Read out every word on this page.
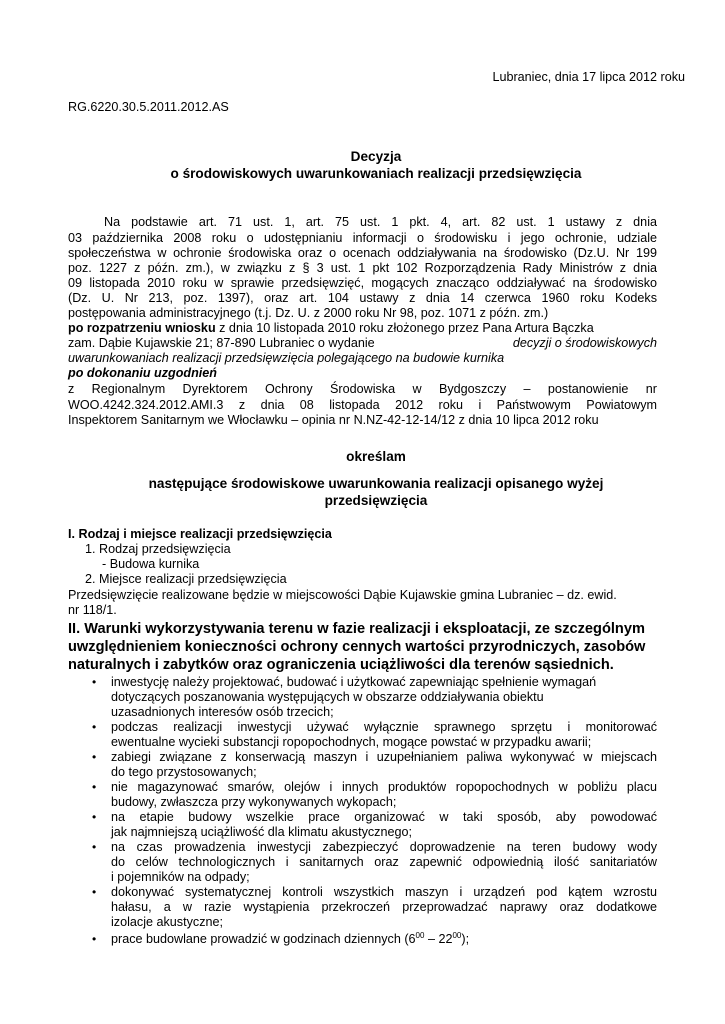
Lubraniec, dnia 17 lipca 2012 roku
RG.6220.30.5.2011.2012.AS
Decyzja
o środowiskowych uwarunkowaniach realizacji przedsięwzięcia
Na podstawie art. 71 ust. 1, art. 75 ust. 1 pkt. 4, art. 82 ust. 1 ustawy z dnia
03 października 2008 roku o udostępnianiu informacji o środowisku i jego ochronie, udziale
społeczeństwa w ochronie środowiska oraz o ocenach oddziaływania na środowisko (Dz.U. Nr 199
poz. 1227 z późn. zm.), w związku z § 3 ust. 1 pkt 102 Rozporządzenia Rady Ministrów z dnia
09 listopada 2010 roku w sprawie przedsięwzięć, mogących znacząco oddziaływać na środowisko
(Dz. U. Nr 213, poz. 1397), oraz art. 104 ustawy z dnia 14 czerwca 1960 roku Kodeks
postępowania administracyjnego (t.j. Dz. U. z 2000 roku Nr 98, poz. 1071 z późn. zm.)
po rozpatrzeniu wniosku z dnia 10 listopada 2010 roku złożonego przez Pana Artura Bączka
zam. Dąbie Kujawskie 21; 87-890 Lubraniec o wydanie	decyzji o środowiskowych
uwarunkowaniach realizacji przedsięwzięcia polegającego na budowie kurnika
po dokonaniu uzgodnień
z Regionalnym Dyrektorem Ochrony Środowiska w Bydgoszczy – postanowienie nr
WOO.4242.324.2012.AMI.3 z dnia 08 listopada 2012 roku i Państwowym Powiatowym
Inspektorem Sanitarnym we Włocławku – opinia nr N.NZ-42-12-14/12 z dnia 10 lipca 2012 roku
określam
następujące środowiskowe uwarunkowania realizacji opisanego wyżej
przedsięwzięcia
I. Rodzaj i miejsce realizacji przedsięwzięcia
1. Rodzaj przedsięwzięcia
- Budowa kurnika
2. Miejsce realizacji przedsięwzięcia
Przedsięwzięcie realizowane będzie w miejscowości Dąbie Kujawskie gmina Lubraniec – dz. ewid.
nr 118/1.
II. Warunki wykorzystywania terenu w fazie realizacji i eksploatacji, ze szczególnym
uwzględnieniem konieczności ochrony cennych wartości przyrodniczych, zasobów
naturalnych i zabytków oraz ograniczenia uciążliwości dla terenów sąsiednich.
• inwestycję należy projektować, budować i użytkować zapewniając spełnienie wymagań
dotyczących poszanowania występujących w obszarze oddziaływania obiektu
uzasadnionych interesów osób trzecich;
• podczas realizacji inwestycji używać wyłącznie sprawnego sprzętu i monitorować
ewentualne wycieki substancji ropopochodnych, mogące powstać w przypadku awarii;
• zabiegi związane z konserwacją maszyn i uzupełnianiem paliwa wykonywać w miejscach
do tego przystosowanych;
• nie magazynować smarów, olejów i innych produktów ropopochodnych w pobliżu placu
budowy, zwłaszcza przy wykonywanych wykopach;
• na etapie budowy wszelkie prace organizować w taki sposób, aby powodować
jak najmniejszą uciążliwość dla klimatu akustycznego;
• na czas prowadzenia inwestycji zabezpieczyć doprowadzenie na teren budowy wody
do celów technologicznych i sanitarnych oraz zapewnić odpowiednią ilość sanitariatów
i pojemników na odpady;
• dokonywać systematycznej kontroli wszystkich maszyn i urządzeń pod kątem wzrostu
hałasu, a w razie wystąpienia przekroczeń przeprowadzać naprawy oraz dodatkowe
izolacje akustyczne;
• prace budowlane prowadzić w godzinach dziennych $(6^{00} - 22^{00})$;
